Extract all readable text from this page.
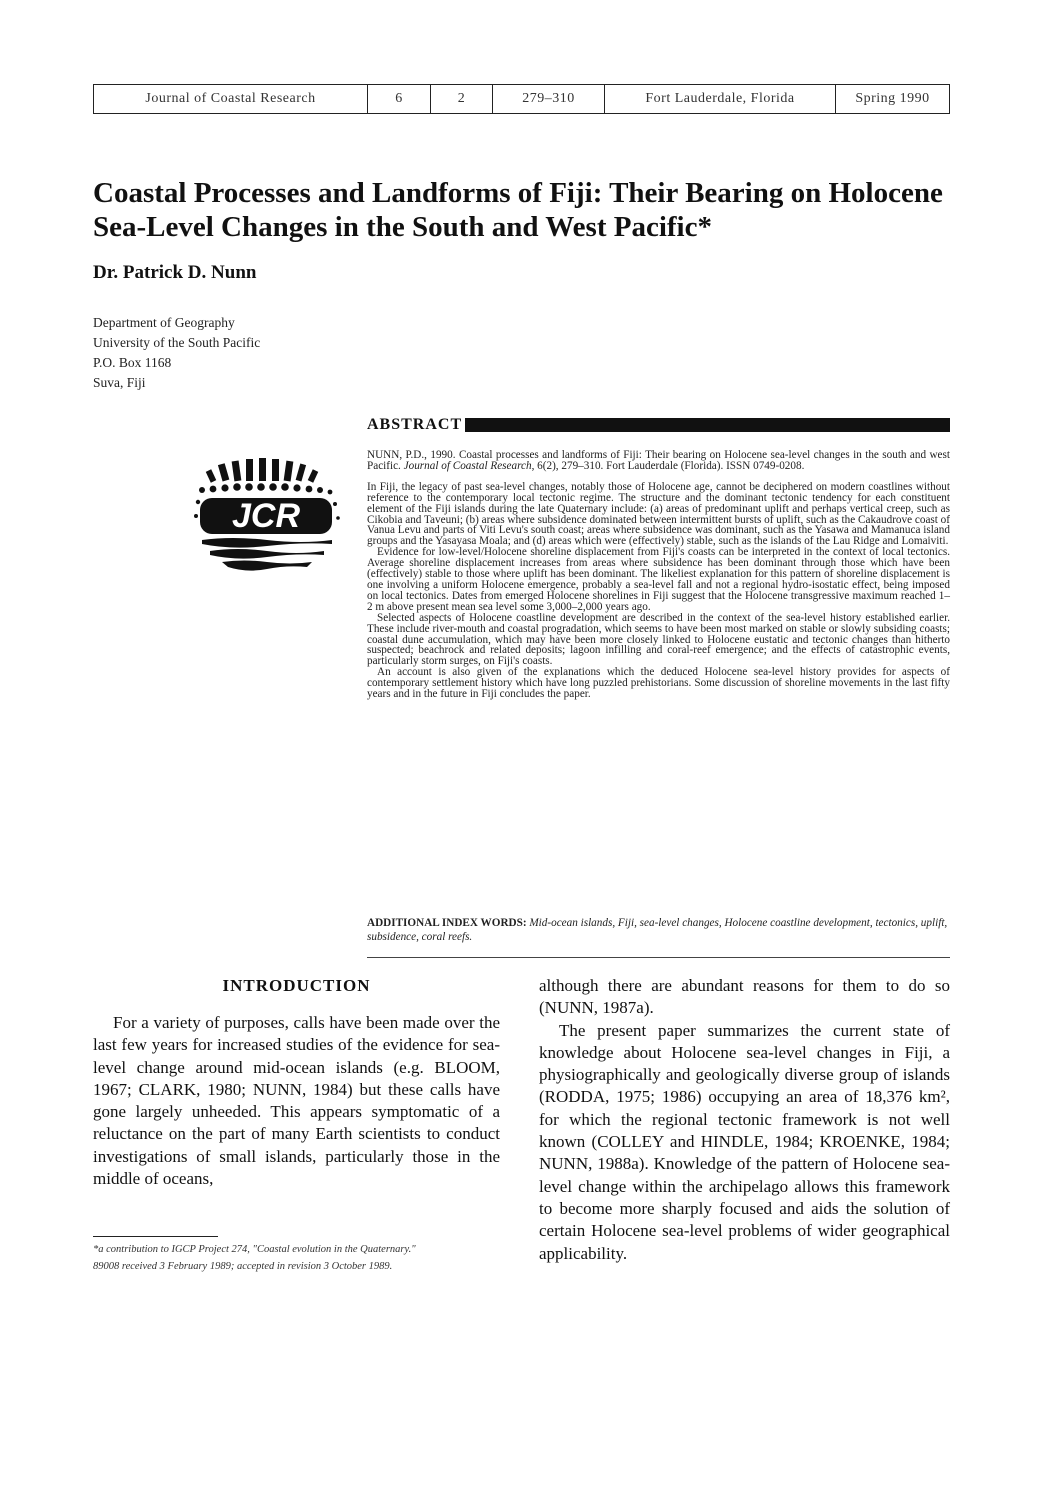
Journal of Coastal Research	6	2	279–310	Fort Lauderdale, Florida	Spring 1990
Coastal Processes and Landforms of Fiji: Their Bearing on Holocene Sea-Level Changes in the South and West Pacific*
Dr. Patrick D. Nunn
Department of Geography
University of the South Pacific
P.O. Box 1168
Suva, Fiji
ABSTRACT
JCR

NUNN, P.D., 1990. Coastal processes and landforms of Fiji: Their bearing on Holocene sea-level changes in the south and west Pacific. Journal of Coastal Research, 6(2), 279–310. Fort Lauderdale (Florida). ISSN 0749-0208.

In Fiji, the legacy of past sea-level changes, notably those of Holocene age, cannot be deciphered on modern coastlines without reference to the contemporary local tectonic regime. The structure and the dominant tectonic tendency for each constituent element of the Fiji islands during the late Quaternary include: (a) areas of predominant uplift and perhaps vertical creep, such as Cikobia and Taveuni; (b) areas where subsidence dominated between intermittent bursts of uplift, such as the Cakaudrove coast of Vanua Levu and parts of Viti Levu's south coast; areas where subsidence was dominant, such as the Yasawa and Mamanuca island groups and the Yasayasa Moala; and (d) areas which were (effectively) stable, such as the islands of the Lau Ridge and Lomaiviti.

Evidence for low-level/Holocene shoreline displacement from Fiji's coasts can be interpreted in the context of local tectonics. Average shoreline displacement increases from areas where subsidence has been dominant through those which have been (effectively) stable to those where uplift has been dominant. The likeliest explanation for this pattern of shoreline displacement is one involving a uniform Holocene emergence, probably a sea-level fall and not a regional hydro-isostatic effect, being imposed on local tectonics. Dates from emerged Holocene shorelines in Fiji suggest that the Holocene transgressive maximum reached 1–2 m above present mean sea level some 3,000–2,000 years ago.

Selected aspects of Holocene coastline development are described in the context of the sea-level history established earlier. These include river-mouth and coastal progradation, which seems to have been most marked on stable or slowly subsiding coasts; coastal dune accumulation, which may have been more closely linked to Holocene eustatic and tectonic changes than hitherto suspected; beachrock and related deposits; lagoon infilling and coral-reef emergence; and the effects of catastrophic events, particularly storm surges, on Fiji's coasts.

An account is also given of the explanations which the deduced Holocene sea-level history provides for aspects of contemporary settlement history which have long puzzled prehistorians. Some discussion of shoreline movements in the last fifty years and in the future in Fiji concludes the paper.

ADDITIONAL INDEX WORDS: Mid-ocean islands, Fiji, sea-level changes, Holocene coastline development, tectonics, uplift, subsidence, coral reefs.
INTRODUCTION

For a variety of purposes, calls have been made over the last few years for increased studies of the evidence for sea-level change around mid-ocean islands (e.g. BLOOM, 1967; CLARK, 1980; NUNN, 1984) but these calls have gone largely unheeded. This appears symptomatic of a reluctance on the part of many Earth scientists to conduct investigations of small islands, particularly those in the middle of oceans,

*a contribution to IGCP Project 274, "Coastal evolution in the Quaternary."
89008 received 3 February 1989; accepted in revision 3 October 1989.

although there are abundant reasons for them to do so (NUNN, 1987a).

The present paper summarizes the current state of knowledge about Holocene sea-level changes in Fiji, a physiographically and geologically diverse group of islands (RODDA, 1975; 1986) occupying an area of 18,376 km², for which the regional tectonic framework is not well known (COLLEY and HINDLE, 1984; KROENKE, 1984; NUNN, 1988a). Knowledge of the pattern of Holocene sea-level change within the archipelago allows this framework to become more sharply focused and aids the solution of certain Holocene sea-level problems of wider geographical applicability.
